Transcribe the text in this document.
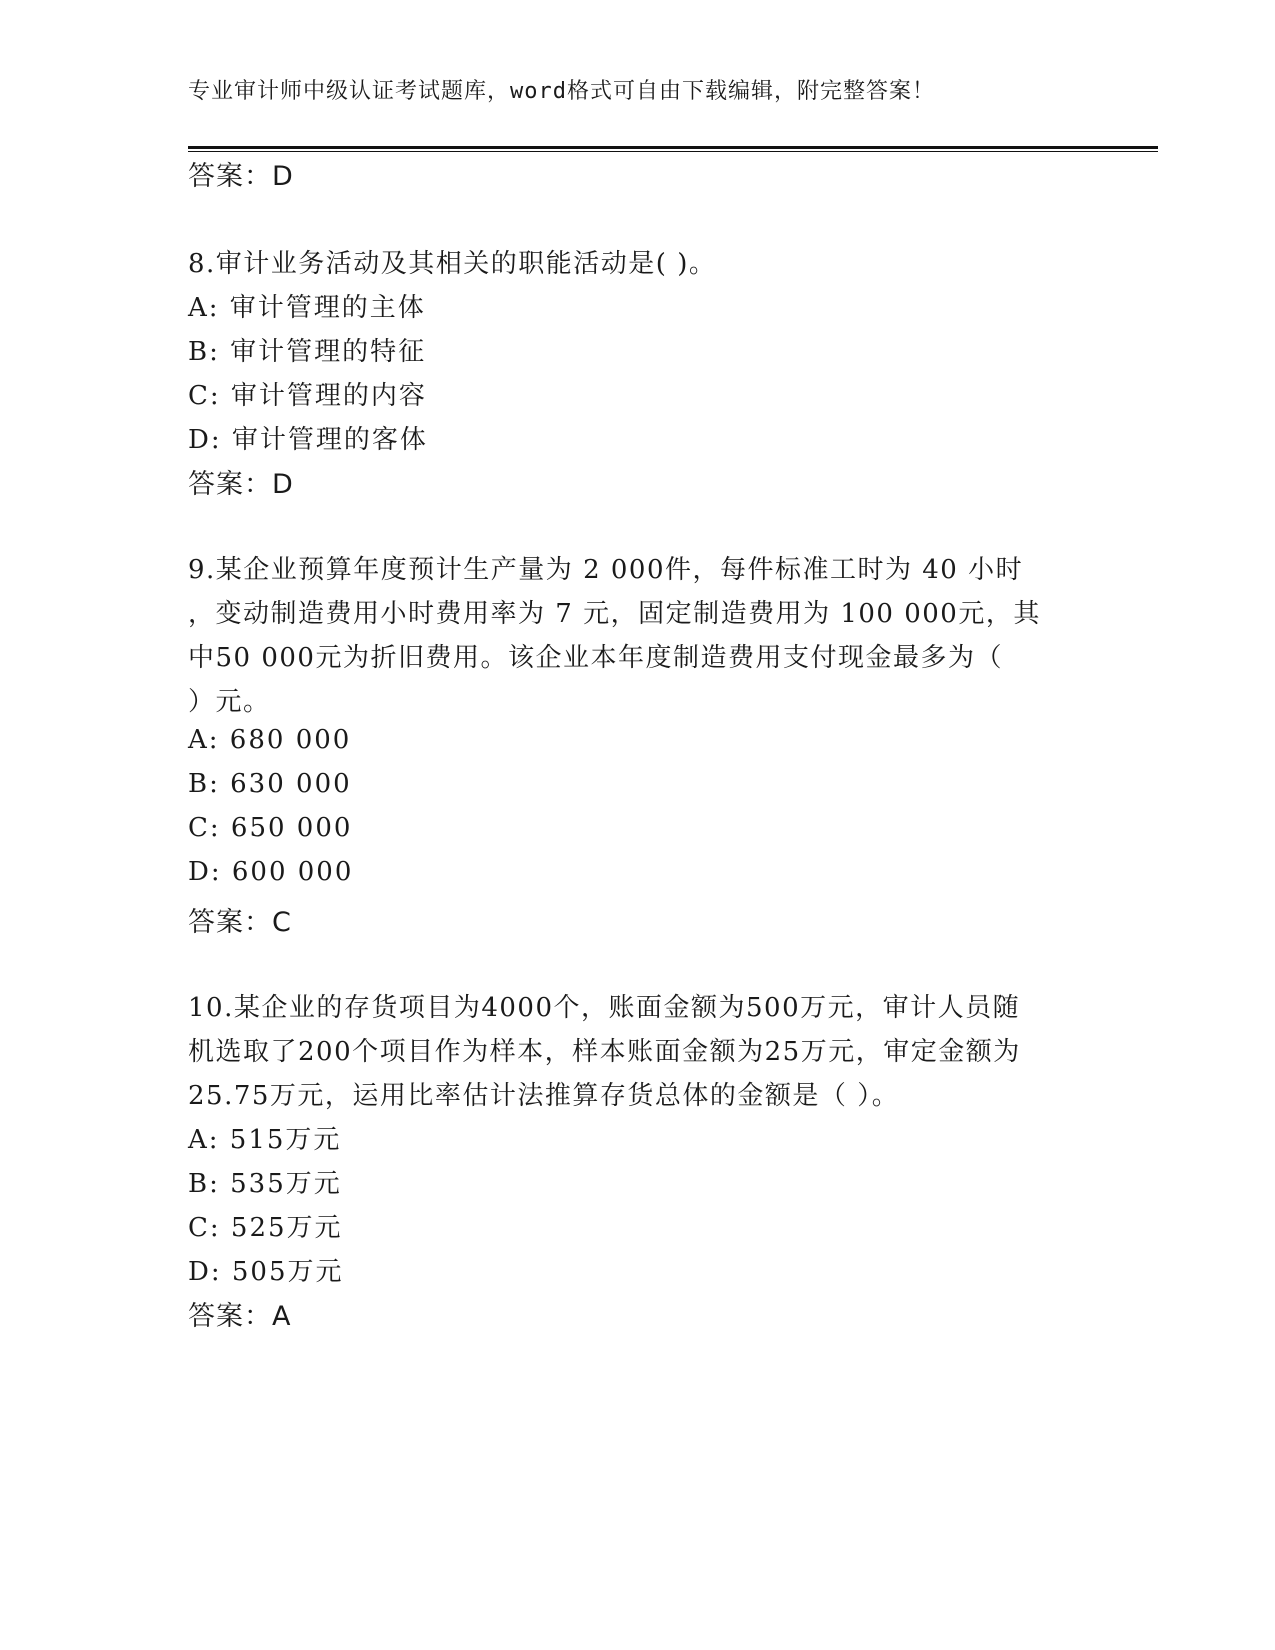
专业审计师中级认证考试题库，word格式可自由下载编辑，附完整答案！
答案：D
8.审计业务活动及其相关的职能活动是( )。
A: 审计管理的主体
B: 审计管理的特征
C: 审计管理的内容
D: 审计管理的客体
答案：D
9.某企业预算年度预计生产量为 2 000件，每件标准工时为 40 小时
，变动制造费用小时费用率为 7 元，固定制造费用为 100 000元，其
中50 000元为折旧费用。该企业本年度制造费用支付现金最多为（
）元。
A: 680 000
B: 630 000
C: 650 000
D: 600 000
答案：C
10.某企业的存货项目为4000个，账面金额为500万元，审计人员随
机选取了200个项目作为样本，样本账面金额为25万元，审定金额为
25.75万元，运用比率估计法推算存货总体的金额是（ ）。
A: 515万元
B: 535万元
C: 525万元
D: 505万元
答案：A
